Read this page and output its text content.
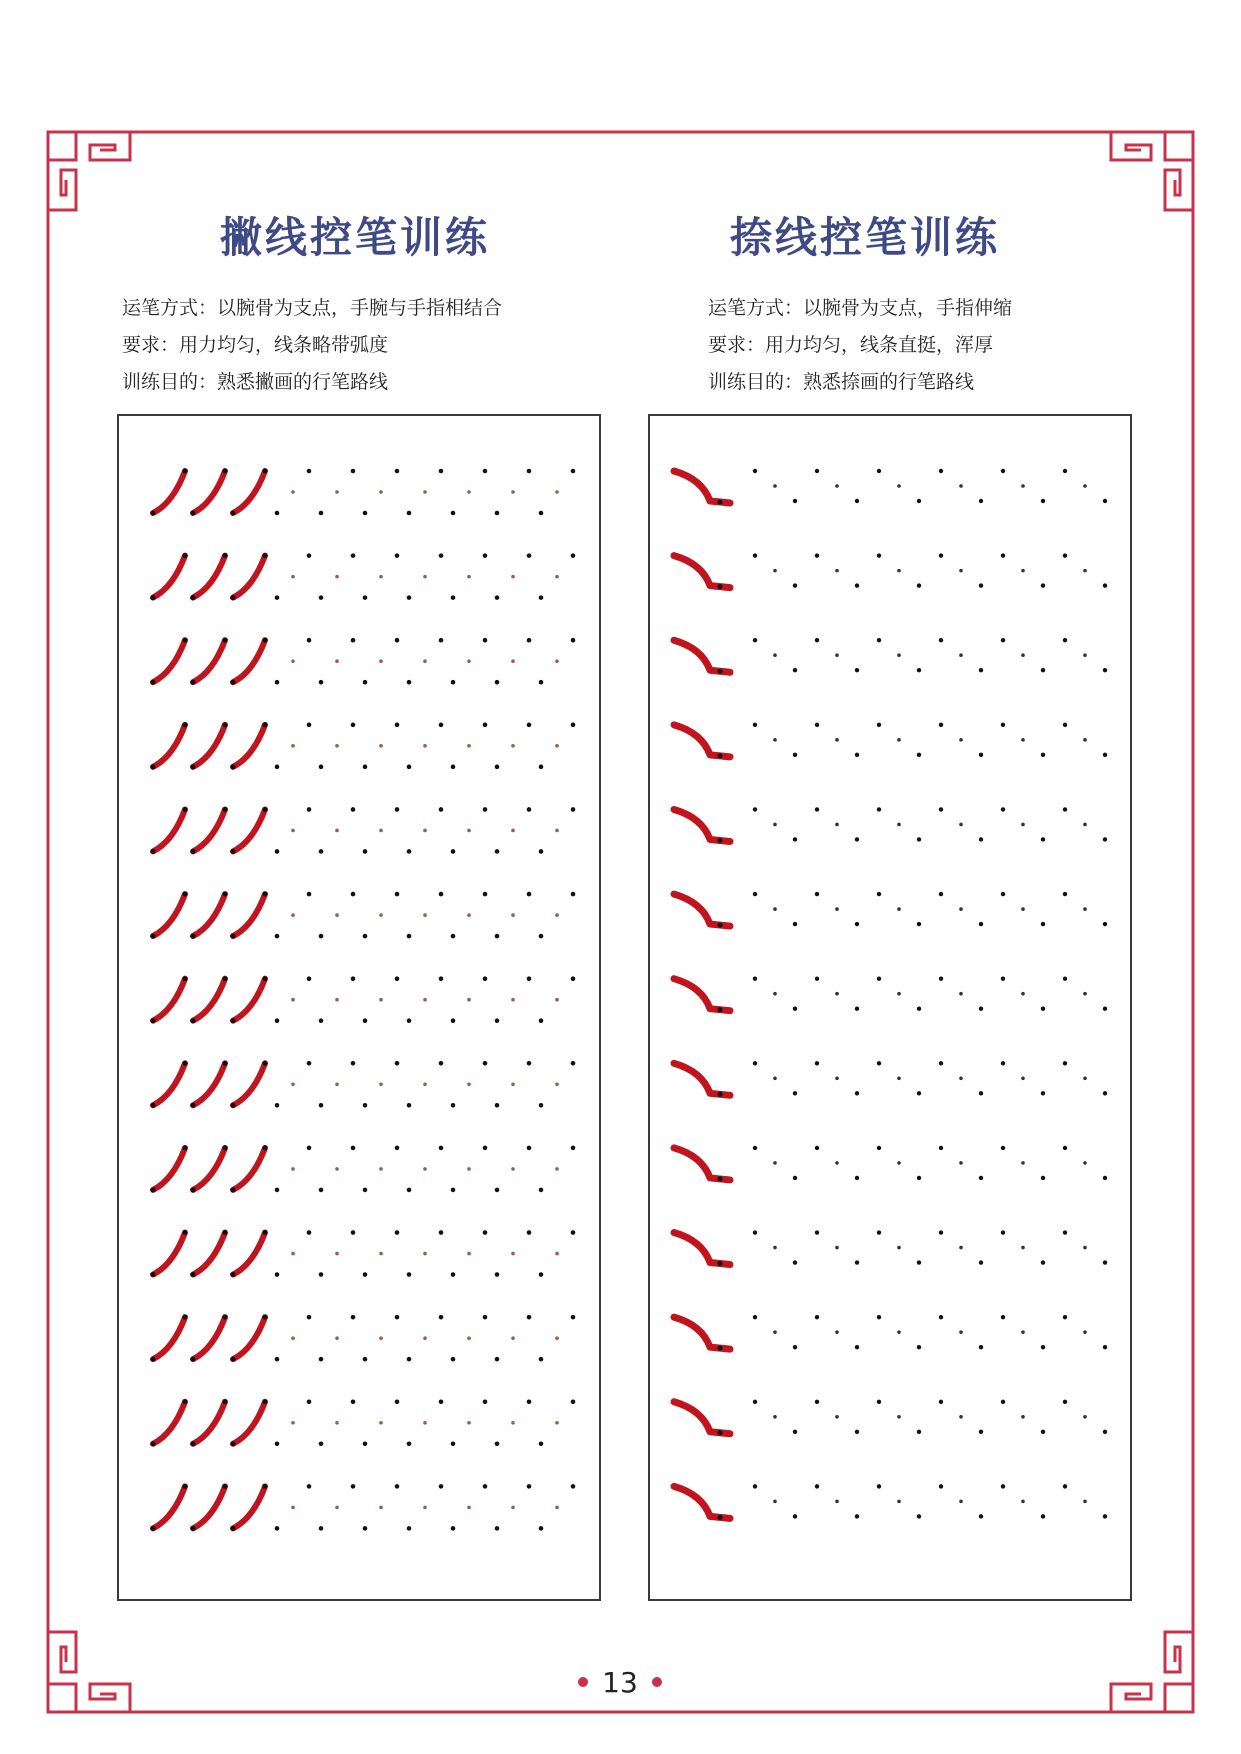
撇线控笔训练
运笔方式：以腕骨为支点，手腕与手指相结合
要求：用力均匀，线条略带弧度
训练目的：熟悉撇画的行笔路线
捺线控笔训练
运笔方式：以腕骨为支点，手指伸缩
要求：用力均匀，线条直挺，浑厚
训练目的：熟悉捺画的行笔路线
13
